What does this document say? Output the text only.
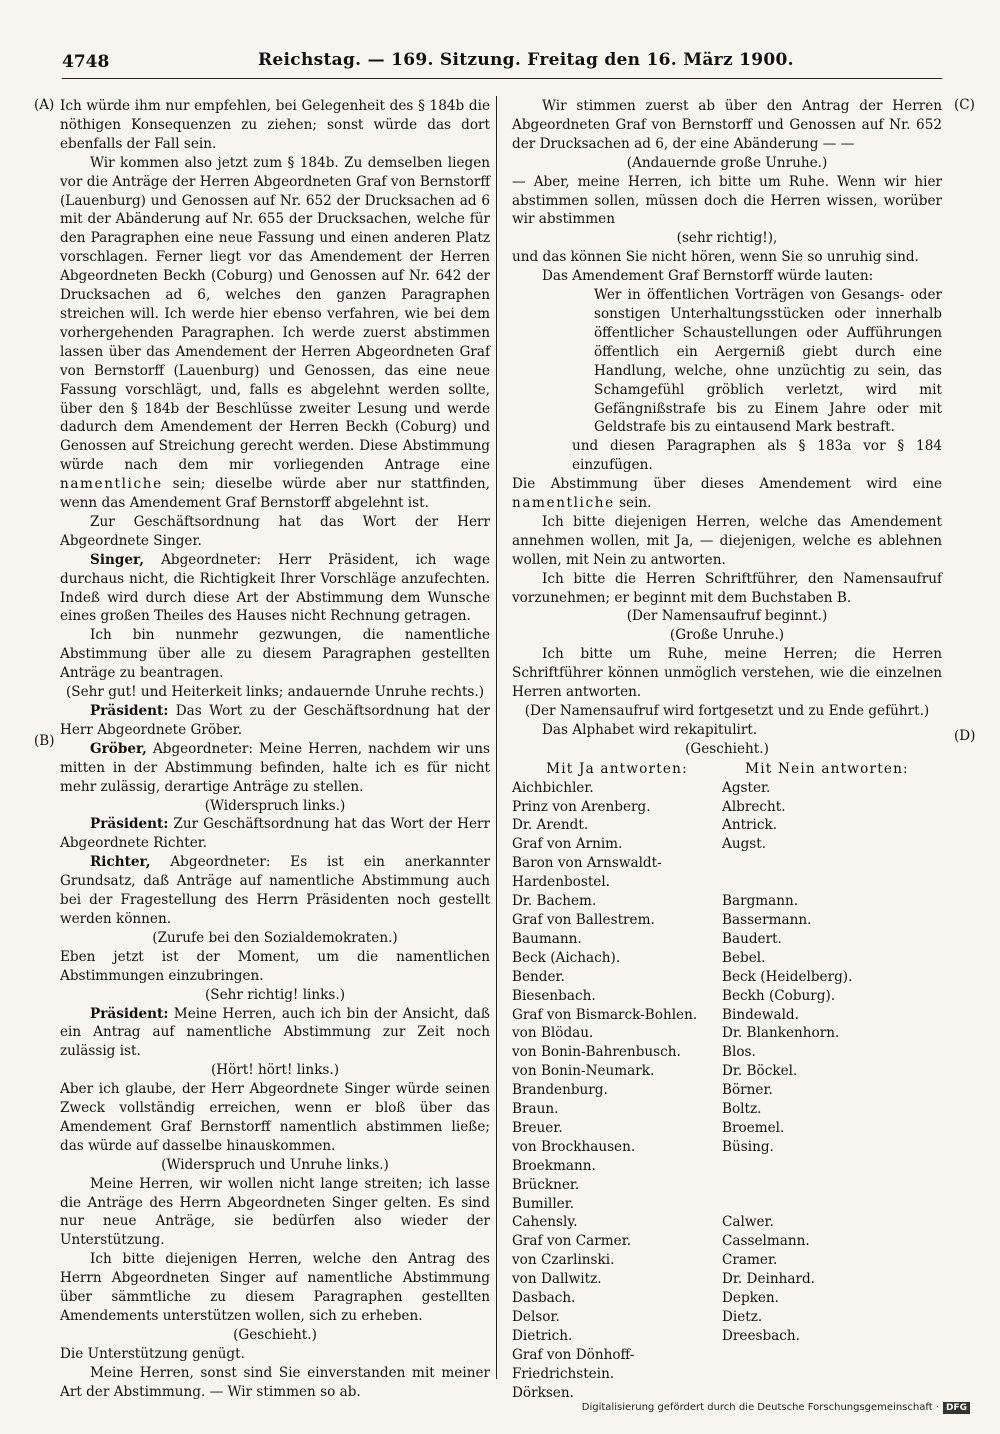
4748	Reichstag. — 169. Sitzung. Freitag den 16. März 1900.
(A)
(B)
(C)
(D)

Ich würde ihm nur empfehlen, bei Gelegenheit des § 184b die nöthigen Konsequenzen zu ziehen; sonst würde das dort ebenfalls der Fall sein.

Wir kommen also jetzt zum § 184b. Zu demselben liegen vor die Anträge der Herren Abgeordneten Graf von Bernstorff (Lauenburg) und Genossen auf Nr. 652 der Drucksachen ad 6 mit der Abänderung auf Nr. 655 der Drucksachen, welche für den Paragraphen eine neue Fassung und einen anderen Platz vorschlagen. Ferner liegt vor das Amendement der Herren Abgeordneten Beckh (Coburg) und Genossen auf Nr. 642 der Drucksachen ad 6, welches den ganzen Paragraphen streichen will. Ich werde hier ebenso verfahren, wie bei dem vorhergehenden Paragraphen. Ich werde zuerst abstimmen lassen über das Amendement der Herren Abgeordneten Graf von Bernstorff (Lauenburg) und Genossen, das eine neue Fassung vorschlägt, und, falls es abgelehnt werden sollte, über den § 184b der Beschlüsse zweiter Lesung und werde dadurch dem Amendement der Herren Beckh (Coburg) und Genossen auf Streichung gerecht werden. Diese Abstimmung würde nach dem mir vorliegenden Antrage eine namentliche sein; dieselbe würde aber nur stattfinden, wenn das Amendement Graf Bernstorff abgelehnt ist.

Zur Geschäftsordnung hat das Wort der Herr Abgeordnete Singer.

Singer, Abgeordneter: Herr Präsident, ich wage durchaus nicht, die Richtigkeit Ihrer Vorschläge anzufechten. Indeß wird durch diese Art der Abstimmung dem Wunsche eines großen Theiles des Hauses nicht Rechnung getragen.

Ich bin nunmehr gezwungen, die namentliche Abstimmung über alle zu diesem Paragraphen gestellten Anträge zu beantragen.

(Sehr gut! und Heiterkeit links; andauernde Unruhe rechts.)

Präsident: Das Wort zu der Geschäftsordnung hat der Herr Abgeordnete Gröber.

Gröber, Abgeordneter: Meine Herren, nachdem wir uns mitten in der Abstimmung befinden, halte ich es für nicht mehr zulässig, derartige Anträge zu stellen.

(Widerspruch links.)

Präsident: Zur Geschäftsordnung hat das Wort der Herr Abgeordnete Richter.

Richter, Abgeordneter: Es ist ein anerkannter Grundsatz, daß Anträge auf namentliche Abstimmung auch bei der Fragestellung des Herrn Präsidenten noch gestellt werden können.

(Zurufe bei den Sozialdemokraten.)

Eben jetzt ist der Moment, um die namentlichen Abstimmungen einzubringen.

(Sehr richtig! links.)

Präsident: Meine Herren, auch ich bin der Ansicht, daß ein Antrag auf namentliche Abstimmung zur Zeit noch zulässig ist.

(Hört! hört! links.)

Aber ich glaube, der Herr Abgeordnete Singer würde seinen Zweck vollständig erreichen, wenn er bloß über das Amendement Graf Bernstorff namentlich abstimmen ließe; das würde auf dasselbe hinauskommen.

(Widerspruch und Unruhe links.)

Meine Herren, wir wollen nicht lange streiten; ich lasse die Anträge des Herrn Abgeordneten Singer gelten. Es sind nur neue Anträge, sie bedürfen also wieder der Unterstützung.

Ich bitte diejenigen Herren, welche den Antrag des Herrn Abgeordneten Singer auf namentliche Abstimmung über sämmtliche zu diesem Paragraphen gestellten Amendements unterstützen wollen, sich zu erheben.

(Geschieht.)

Die Unterstützung genügt.

Meine Herren, sonst sind Sie einverstanden mit meiner Art der Abstimmung. — Wir stimmen so ab.

Wir stimmen zuerst ab über den Antrag der Herren Abgeordneten Graf von Bernstorff und Genossen auf Nr. 652 der Drucksachen ad 6, der eine Abänderung — —

(Andauernde große Unruhe.)

— Aber, meine Herren, ich bitte um Ruhe. Wenn wir hier abstimmen sollen, müssen doch die Herren wissen, worüber wir abstimmen

(sehr richtig!),

und das können Sie nicht hören, wenn Sie so unruhig sind.

Das Amendement Graf Bernstorff würde lauten:

Wer in öffentlichen Vorträgen von Gesangs- oder sonstigen Unterhaltungsstücken oder innerhalb öffentlicher Schaustellungen oder Aufführungen öffentlich ein Aergerniß giebt durch eine Handlung, welche, ohne unzüchtig zu sein, das Schamgefühl gröblich verletzt, wird mit Gefängnißstrafe bis zu Einem Jahre oder mit Geldstrafe bis zu eintausend Mark bestraft.

und diesen Paragraphen als § 183a vor § 184 einzufügen.

Die Abstimmung über dieses Amendement wird eine namentliche sein.

Ich bitte diejenigen Herren, welche das Amendement annehmen wollen, mit Ja, — diejenigen, welche es ablehnen wollen, mit Nein zu antworten.

Ich bitte die Herren Schriftführer, den Namensaufruf vorzunehmen; er beginnt mit dem Buchstaben B.

(Der Namensaufruf beginnt.)

(Große Unruhe.)

Ich bitte um Ruhe, meine Herren; die Herren Schriftführer können unmöglich verstehen, wie die einzelnen Herren antworten.

(Der Namensaufruf wird fortgesetzt und zu Ende geführt.)

Das Alphabet wird rekapitulirt.

(Geschieht.)

Mit Ja antworten:	Mit Nein antworten:
Aichbichler.	Agster.
Prinz von Arenberg.	Albrecht.
Dr. Arendt.	Antrick.
Graf von Arnim.	Augst.
Baron von Arnswaldt-Hardenbostel.
Dr. Bachem.	Bargmann.
Graf von Ballestrem.	Bassermann.
Baumann.	Baudert.
Beck (Aichach).	Bebel.
Bender.	Beck (Heidelberg).
Biesenbach.	Beckh (Coburg).
Graf von Bismarck-Bohlen.	Bindewald.
von Blödau.	Dr. Blankenhorn.
von Bonin-Bahrenbusch.	Blos.
von Bonin-Neumark.	Dr. Böckel.
Brandenburg.	Börner.
Braun.	Boltz.
Breuer.	Broemel.
von Brockhausen.	Büsing.
Broekmann.
Brückner.
Bumiller.
Cahensly.	Calwer.
Graf von Carmer.	Casselmann.
von Czarlinski.	Cramer.
von Dallwitz.	Dr. Deinhard.
Dasbach.	Depken.
Delsor.	Dietz.
Dietrich.	Dreesbach.
Graf von Dönhoff-Friedrichstein.
Dörksen.
Digitalisierung gefördert durch die Deutsche Forschungsgemeinschaft · DFG
